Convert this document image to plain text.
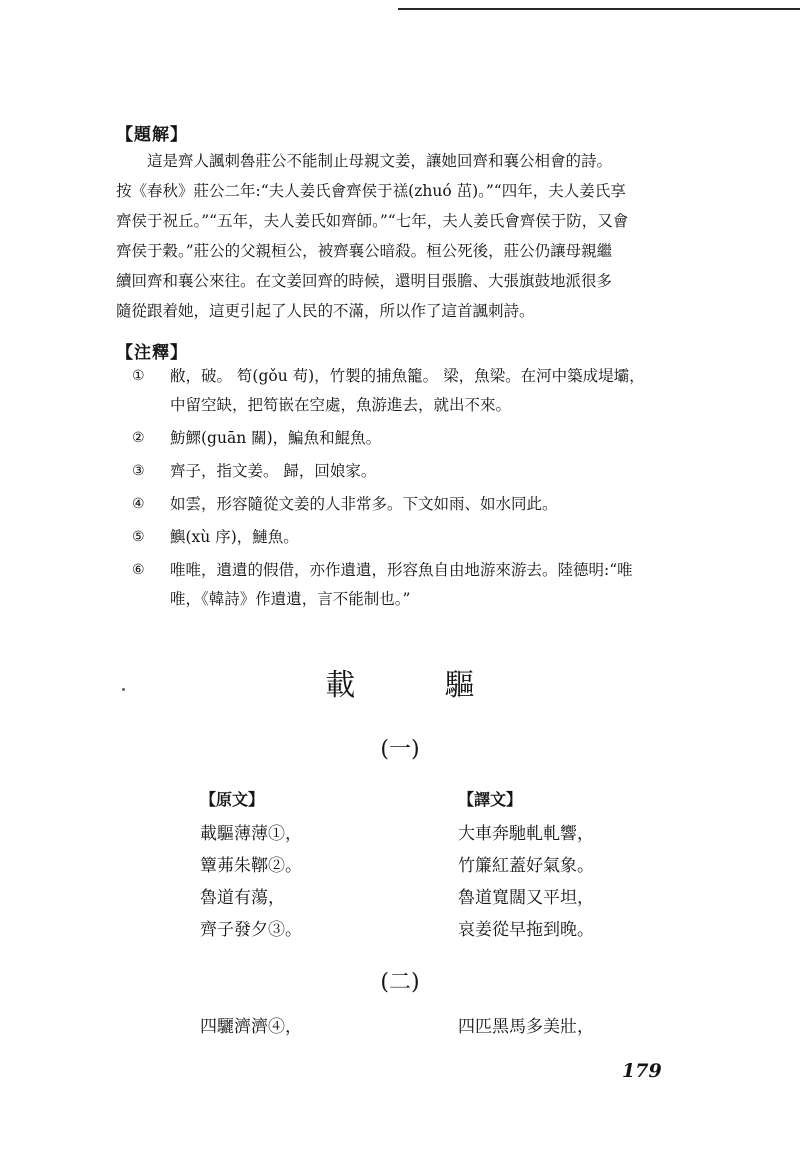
【題解】
這是齊人諷刺魯莊公不能制止母親文姜，讓她回齊和襄公相會的詩。
按《春秋》莊公二年:“夫人姜氏會齊侯于禚(zhuó 茁)。”“四年，夫人姜氏享
齊侯于祝丘。”“五年，夫人姜氏如齊師。”“七年，夫人姜氏會齊侯于防，又會
齊侯于穀。”莊公的父親桓公，被齊襄公暗殺。桓公死後，莊公仍讓母親繼
續回齊和襄公來往。在文姜回齊的時候，還明目張膽、大張旗鼓地派很多
隨從跟着她，這更引起了人民的不滿，所以作了這首諷刺詩。
【注釋】
① 敝，破。 笱(gǒu 苟)，竹製的捕魚籠。 梁，魚梁。在河中築成堤壩，
中留空缺，把笱嵌在空處，魚游進去，就出不來。
② 魴鰥(guān 關)，鯿魚和鯤魚。
③ 齊子，指文姜。 歸，回娘家。
④ 如雲，形容隨從文姜的人非常多。下文如雨、如水同此。
⑤ 鱮(xù 序)，鰱魚。
⑥ 唯唯，遺遺的假借，亦作遺遺，形容魚自由地游來游去。陸德明:“唯
唯，《韓詩》作遺遺，言不能制也。”
載 驅
(一)
【原文】
載驅薄薄①，
簟茀朱鞹②。
魯道有蕩，
齊子發夕③。
【譯文】
大車奔馳軋軋響，
竹簾紅蓋好氣象。
魯道寬闊又平坦，
哀姜從早拖到晚。
(二)
四驪濟濟④，	四匹黑馬多美壯，
179
